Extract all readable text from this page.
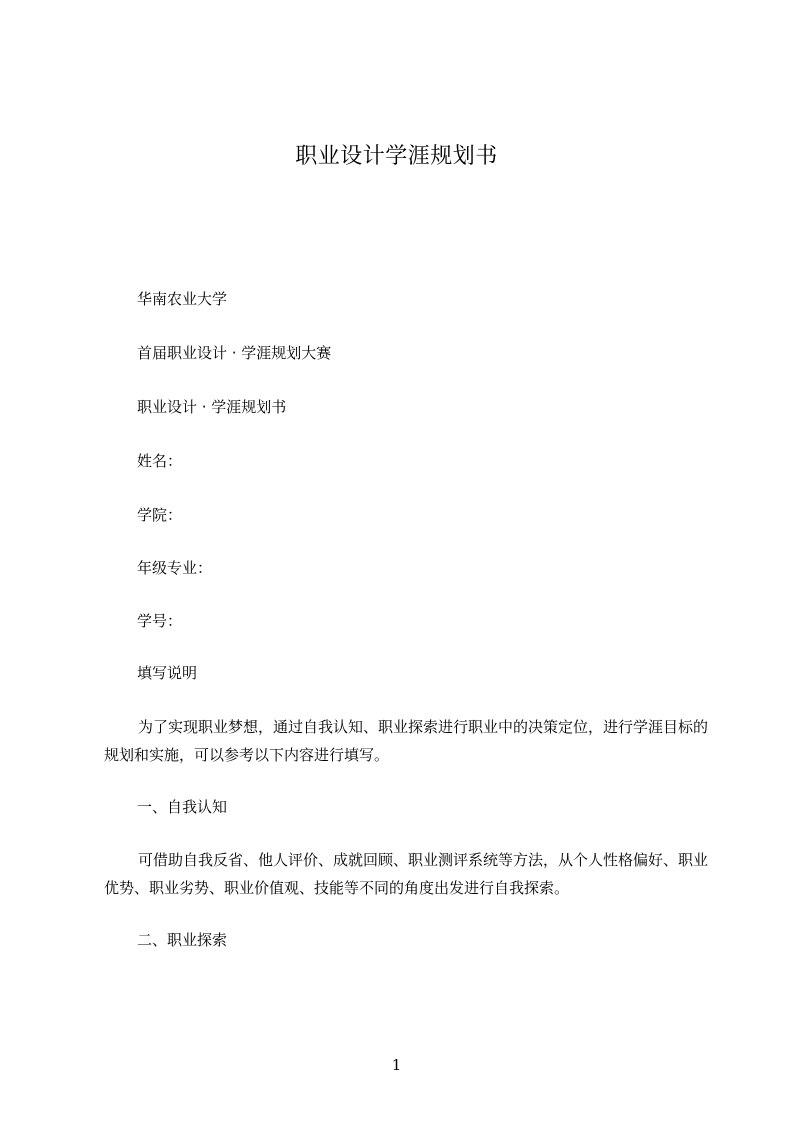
职业设计学涯规划书
华南农业大学
首届职业设计 · 学涯规划大赛
职业设计 · 学涯规划书
姓名：
学院：
年级专业：
学号：
填写说明
为了实现职业梦想，通过自我认知、职业探索进行职业中的决策定位，进行学涯目标的规划和实施，可以参考以下内容进行填写。
一、自我认知
可借助自我反省、他人评价、成就回顾、职业测评系统等方法，从个人性格偏好、职业优势、职业劣势、职业价值观、技能等不同的角度出发进行自我探索。
二、职业探索
1
